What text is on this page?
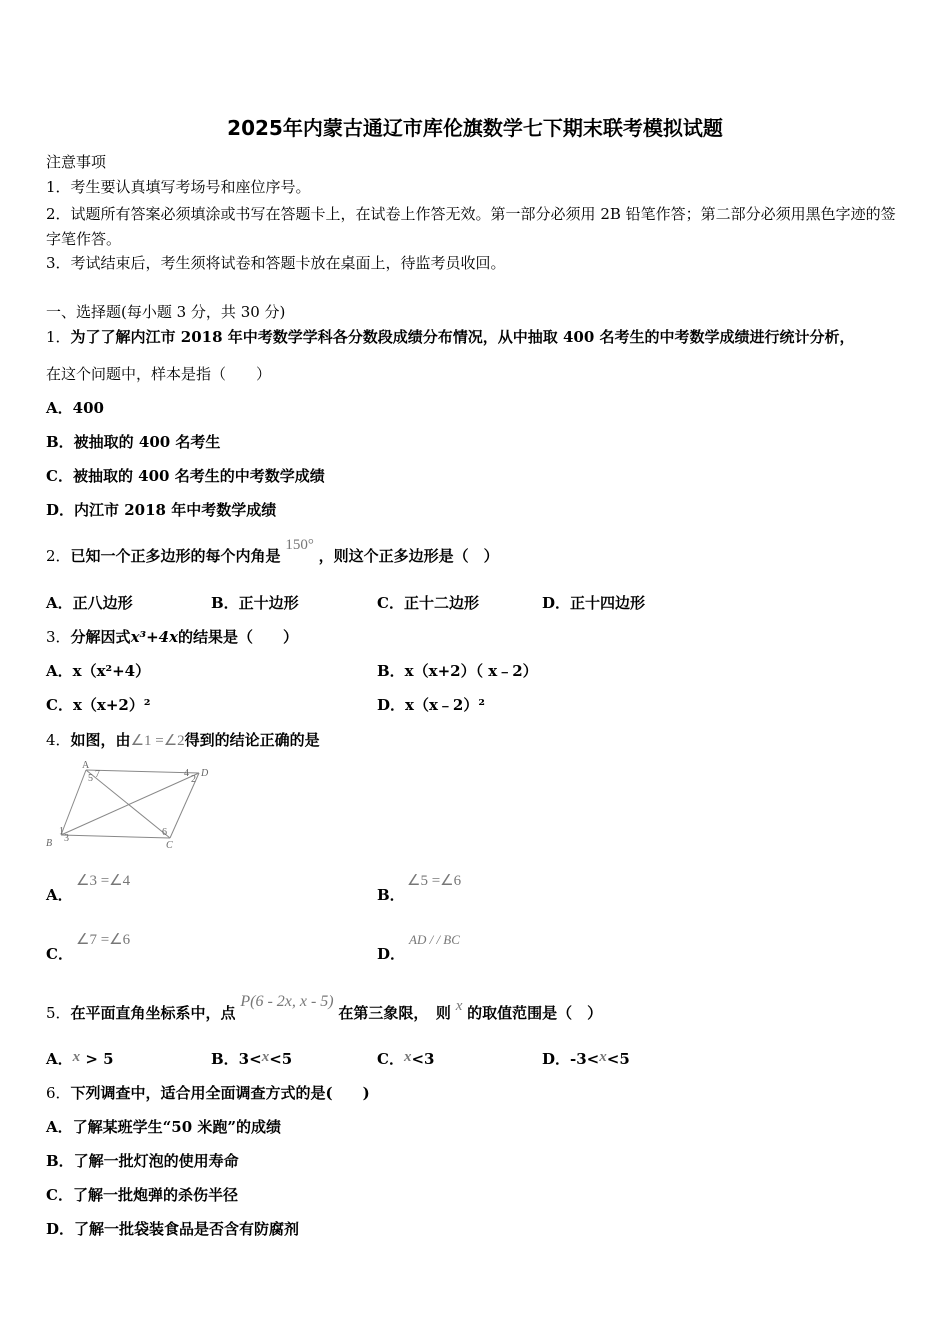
2025年内蒙古通辽市库伦旗数学七下期末联考模拟试题
注意事项
1．考生要认真填写考场号和座位序号。
2．试题所有答案必须填涂或书写在答题卡上，在试卷上作答无效。第一部分必须用 2B 铅笔作答；第二部分必须用黑色字迹的签字笔作答。
3．考试结束后，考生须将试卷和答题卡放在桌面上，待监考员收回。
一、选择题(每小题 3 分，共 30 分)
1．为了了解内江市 2018 年中考数学学科各分数段成绩分布情况，从中抽取 400 名考生的中考数学成绩进行统计分析，
在这个问题中，样本是指（　　）
A．400
B．被抽取的 400 名考生
C．被抽取的 400 名考生的中考数学成绩
D．内江市 2018 年中考数学成绩
2．已知一个正多边形的每个内角是 150° ，则这个正多边形是（　）
A．正八边形	B．正十边形	C．正十二边形	D．正十四边形
3．分解因式x³+4x的结果是（　　）
A．x（x²+4）	B．x（x+2）（ x﹣2）
C．x（x+2）²	D．x（x﹣2）²
4．如图，由∠1 =∠2得到的结论正确的是
A
5 7	4
2
D
B
1
3
6
C
A．
∠3 =∠4
B．
∠5 =∠6
C．
∠7 =∠6
D．
AD / / BC
5．在平面直角坐标系中，点 P(6 - 2x, x - 5) 在第三象限，　则 x 的取值范围是（　）
A．x > 5	B．3<x<5	C．x<3	D．-3<x<5
6．下列调查中，适合用全面调查方式的是(　　)
A．了解某班学生“50 米跑”的成绩
B．了解一批灯泡的使用寿命
C．了解一批炮弹的杀伤半径
D．了解一批袋装食品是否含有防腐剂
